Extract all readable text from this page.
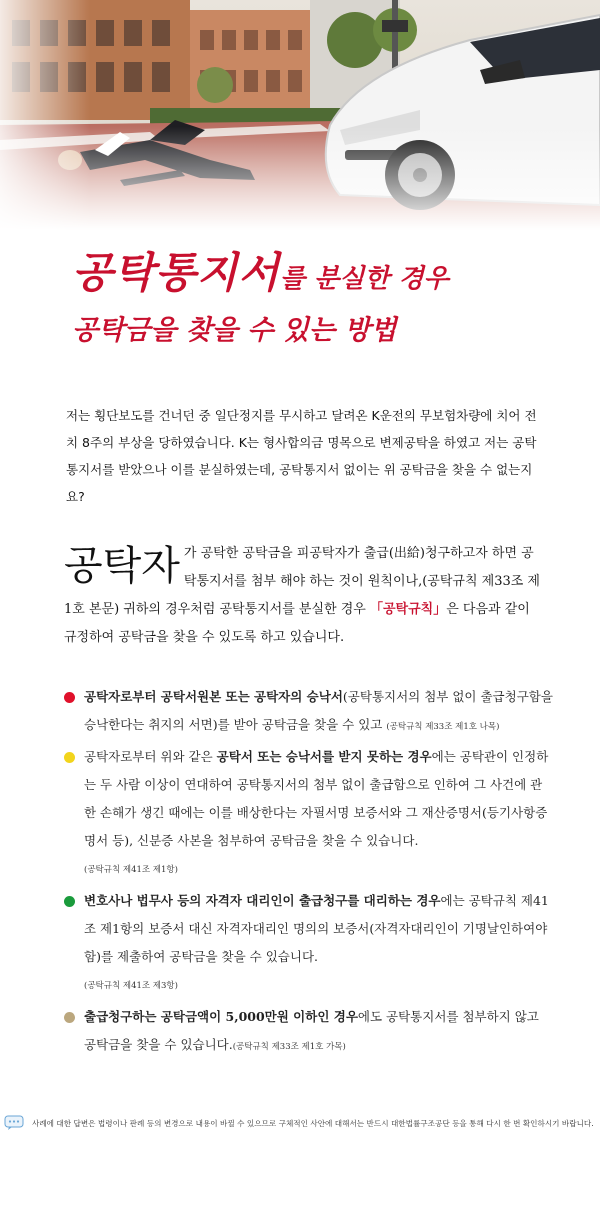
공탁통지서를 분실한 경우
공탁금을 찾을 수 있는 방법
저는 횡단보도를 건너던 중 일단정지를 무시하고 달려온 K운전의 무보험차량에 치어 전치 8주의 부상을 당하였습니다. K는 형사합의금 명목으로 변제공탁을 하였고 저는 공탁통지서를 받았으나 이를 분실하였는데, 공탁통지서 없이는 위 공탁금을 찾을 수 없는지요?
공탁자 가 공탁한 공탁금을 피공탁자가 출급(出給)청구하고자 하면 공탁통지서를 첨부 해야 하는 것이 원칙이나,(공탁규칙 제33조 제1호 본문) 귀하의 경우처럼 공탁통지서를 분실한 경우 「공탁규칙」은 다음과 같이 규정하여 공탁금을 찾을 수 있도록 하고 있습니다.

공탁자로부터 공탁서원본 또는 공탁자의 승낙서(공탁통지서의 첨부 없이 출급청구함을 승낙한다는 취지의 서면)를 받아 공탁금을 찾을 수 있고 (공탁규칙 제33조 제1호 나목)

공탁자로부터 위와 같은 공탁서 또는 승낙서를 받지 못하는 경우에는 공탁관이 인정하는 두 사람 이상이 연대하여 공탁통지서의 첨부 없이 출급함으로 인하여 그 사건에 관한 손해가 생긴 때에는 이를 배상한다는 자필서명 보증서와 그 재산증명서(등기사항증명서 등), 신분증 사본을 첨부하여 공탁금을 찾을 수 있습니다.

(공탁규칙 제41조 제1항)

변호사나 법무사 등의 자격자 대리인이 출급청구를 대리하는 경우에는 공탁규칙 제41조 제1항의 보증서 대신 자격자대리인 명의의 보증서(자격자대리인이 기명날인하여야 함)를 제출하여 공탁금을 찾을 수 있습니다.

(공탁규칙 제41조 제3항)

출급청구하는 공탁금액이 5,000만원 이하인 경우에도 공탁통지서를 첨부하지 않고 공탁금을 찾을 수 있습니다.(공탁규칙 제33조 제1호 가목)

사례에 대한 답변은 법령이나 판례 등의 변경으로 내용이 바뀔 수 있으므로 구체적인 사안에 대해서는 반드시 대한법률구조공단 등을 통해 다시 한 번 확인하시기 바랍니다.
